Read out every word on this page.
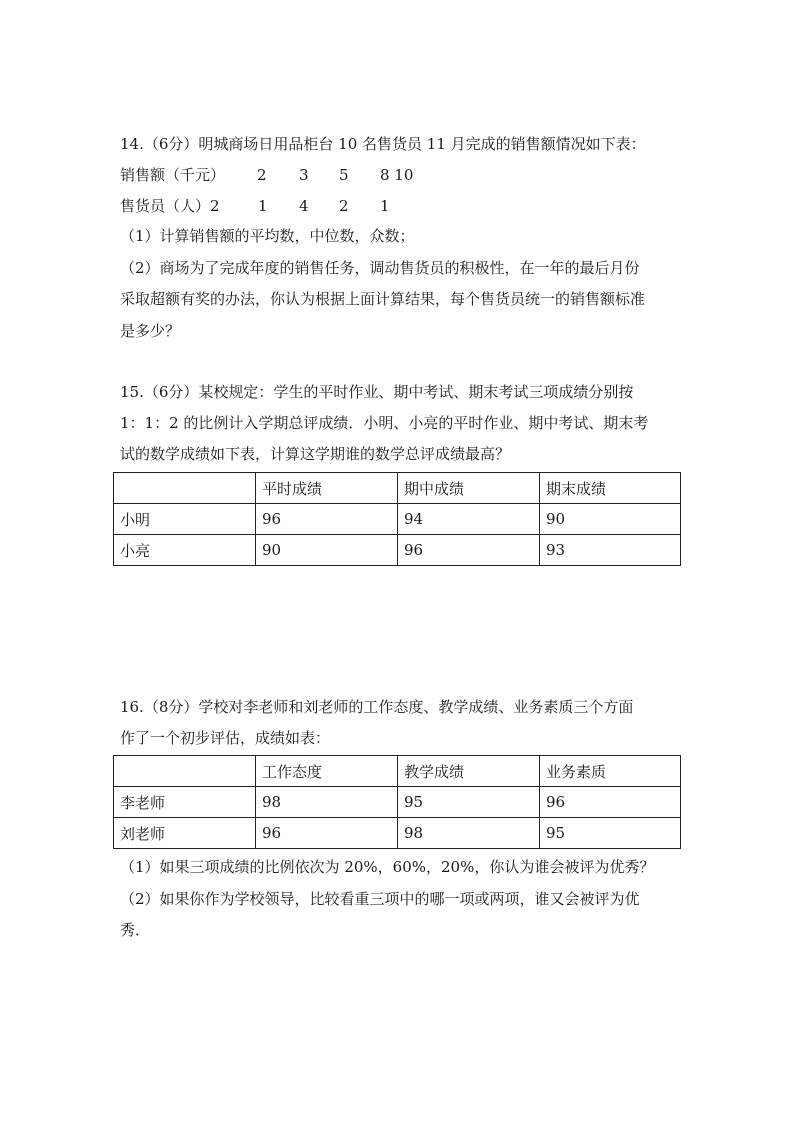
14.（6分）明城商场日用品柜台 10 名售货员 11 月完成的销售额情况如下表：
销售额（千元） 2 3 5 8 10
售货员（人）2	1 4 2 1
（1）计算销售额的平均数，中位数，众数；
（2）商场为了完成年度的销售任务，调动售货员的积极性，在一年的最后月份
采取超额有奖的办法，你认为根据上面计算结果，每个售货员统一的销售额标准
是多少？
15.（6分）某校规定：学生的平时作业、期中考试、期末考试三项成绩分别按
1：1：2 的比例计入学期总评成绩．小明、小亮的平时作业、期中考试、期末考
试的数学成绩如下表，计算这学期谁的数学总评成绩最高？
	平时成绩	期中成绩	期末成绩
小明	96	94	90
小亮	90	96	93
16.（8分）学校对李老师和刘老师的工作态度、教学成绩、业务素质三个方面
作了一个初步评估，成绩如表：
	工作态度	教学成绩	业务素质
李老师	98	95	96
刘老师	96	98	95
（1）如果三项成绩的比例依次为 20%，60%，20%，你认为谁会被评为优秀？
（2）如果你作为学校领导，比较看重三项中的哪一项或两项，谁又会被评为优
秀．
